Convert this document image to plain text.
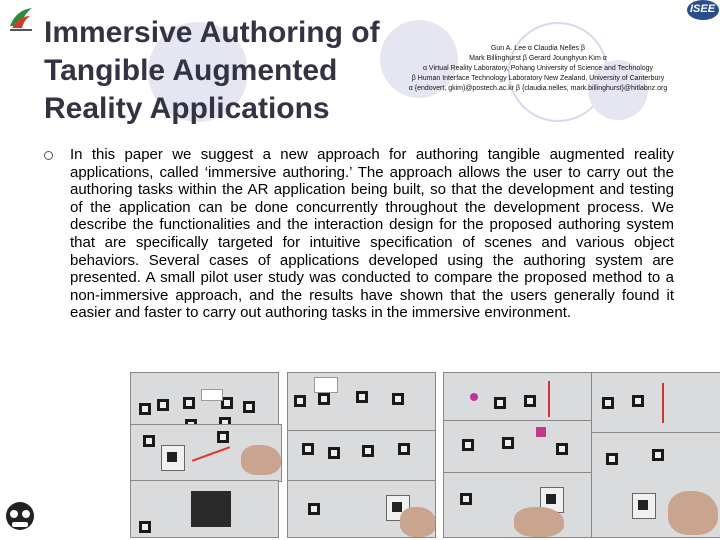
ISEE
Immersive Authoring of
Tangible Augmented
Reality Applications
Gun A. Lee α Claudia Nelles β
Mark Billinghurst β Gerard Jounghyun Kim α
α Virtual Reality Laboratory, Pohang University of Science and Technology
β Human Interface Technology Laboratory New Zealand, University of Canterbury
α {endovert, gkim}@postech.ac.kr β {claudia.nelles, mark.billinghurst}@hitlabnz.org
In this paper we suggest a new approach for authoring tangible augmented reality applications, called ‘immersive authoring.’ The approach allows the user to carry out the authoring tasks within the AR application being built, so that the development and testing of the application can be done concurrently throughout the development process. We describe the functionalities and the interaction design for the proposed authoring system that are specifically targeted for intuitive specification of scenes and various object behaviors. Several cases of applications developed using the authoring system are presented. A small pilot user study was conducted to compare the proposed method to a non-immersive approach, and the results have shown that the users generally found it easier and faster to carry out authoring tasks in the immersive environment.
